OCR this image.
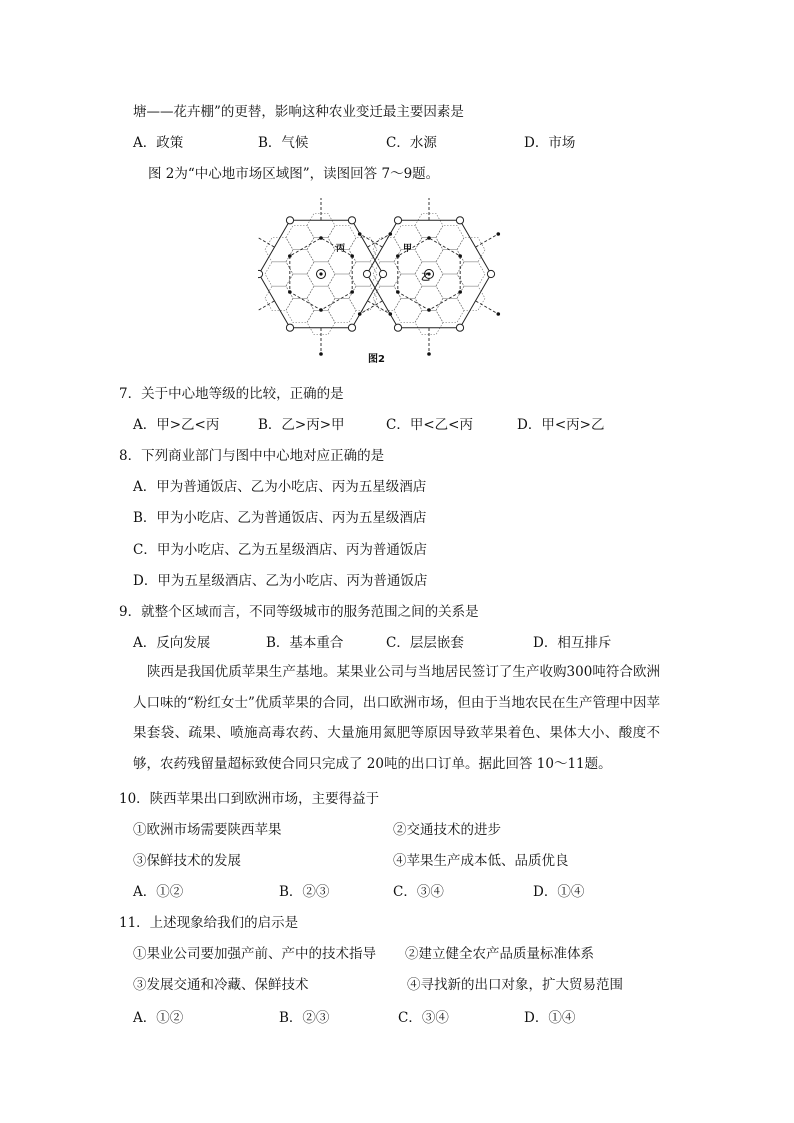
塘——花卉棚”的更替，影响这种农业变迁最主要因素是
A．政策	B．气候	C．水源	D．市场
图 2为“中心地市场区域图”，读图回答 7～9题。
丙	甲
乙
图2
7．关于中心地等级的比较，正确的是
A．甲>乙<丙	B．乙>丙>甲	C．甲<乙<丙	D．甲<丙>乙
8．下列商业部门与图中中心地对应正确的是
A．甲为普通饭店、乙为小吃店、丙为五星级酒店
B．甲为小吃店、乙为普通饭店、丙为五星级酒店
C．甲为小吃店、乙为五星级酒店、丙为普通饭店
D．甲为五星级酒店、乙为小吃店、丙为普通饭店
9．就整个区域而言，不同等级城市的服务范围之间的关系是
A．反向发展	B．基本重合	C．层层嵌套	D．相互排斥
陕西是我国优质苹果生产基地。某果业公司与当地居民签订了生产收购300吨符合欧洲人口味的“粉红女士”优质苹果的合同，出口欧洲市场，但由于当地农民在生产管理中因苹果套袋、疏果、喷施高毒农药、大量施用氮肥等原因导致苹果着色、果体大小、酸度不够，农药残留量超标致使合同只完成了 20吨的出口订单。据此回答 10～11题。
10．陕西苹果出口到欧洲市场，主要得益于
①欧洲市场需要陕西苹果	②交通技术的进步
③保鲜技术的发展	④苹果生产成本低、品质优良
A．①②	B．②③	C．③④	D．①④
11．上述现象给我们的启示是
①果业公司要加强产前、产中的技术指导 ②建立健全农产品质量标准体系
③发展交通和冷藏、保鲜技术	④寻找新的出口对象，扩大贸易范围
A．①②	B．②③	C．③④	D．①④
